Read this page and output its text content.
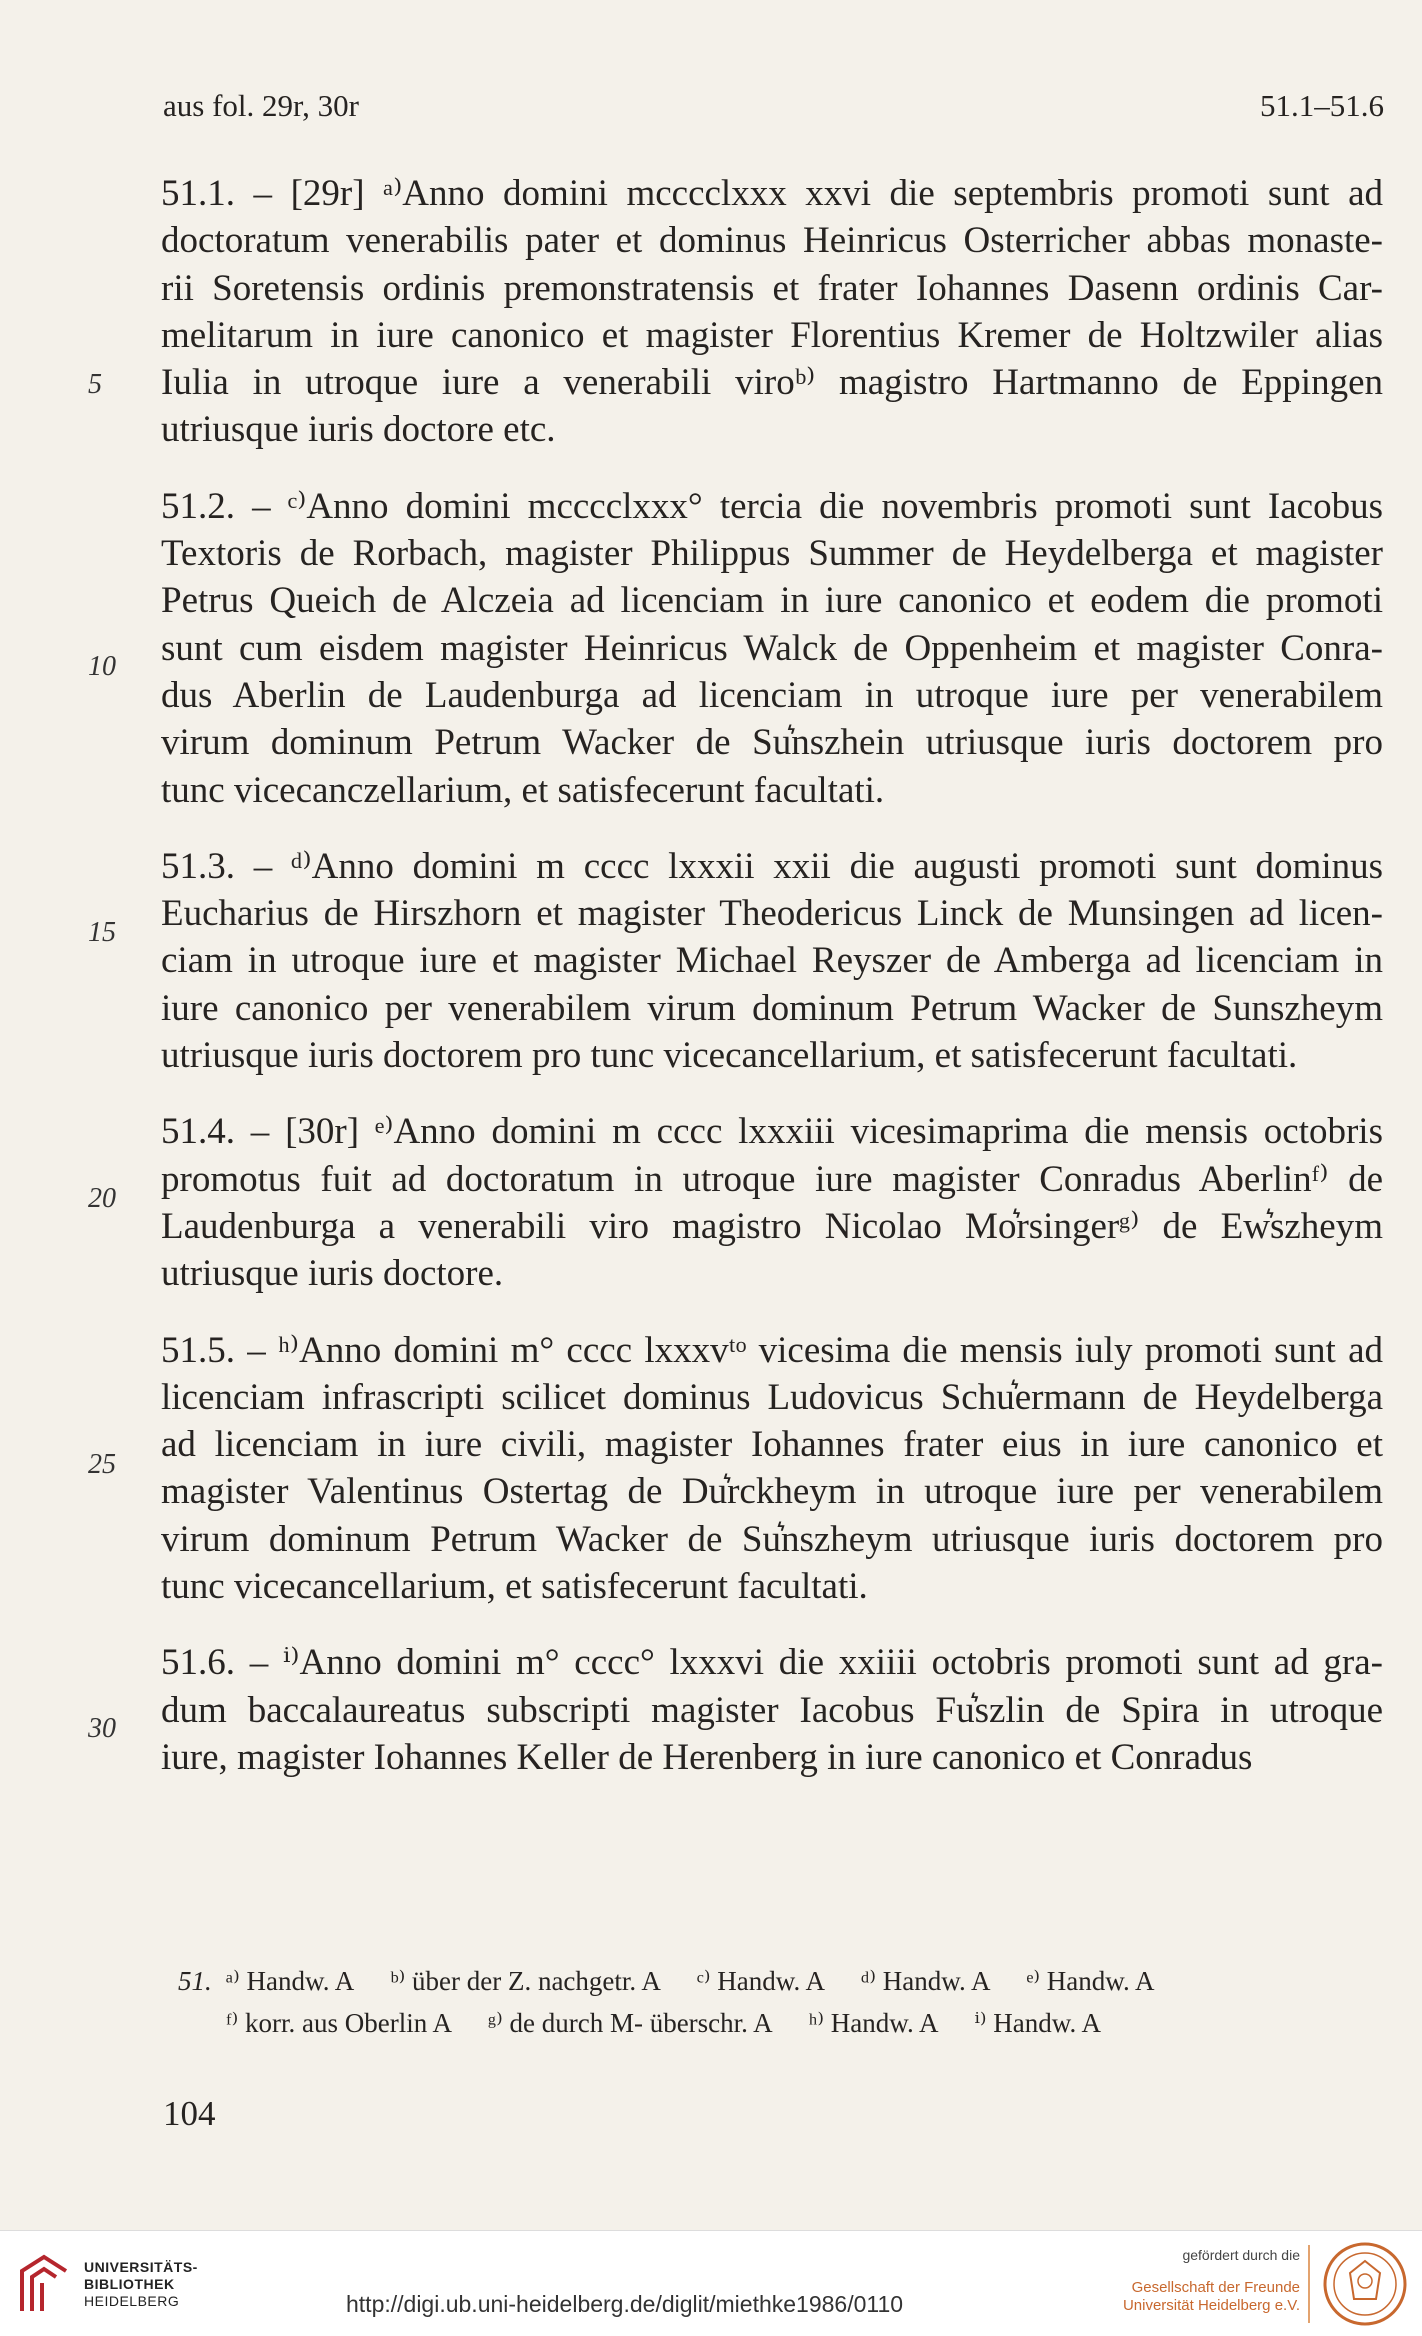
aus fol. 29r, 30r	51.1–51.6
51.1. – [29r] ᵃ⁾Anno domini mcccclxxx xxvi die septembris promoti sunt ad
doctoratum venerabilis pater et dominus Heinricus Osterricher abbas monaste-
rii Soretensis ordinis premonstratensis et frater Iohannes Dasenn ordinis Car-
melitarum in iure canonico et magister Florentius Kremer de Holtzwiler alias
Iulia in utroque iure a venerabili viroᵇ⁾ magistro Hartmanno de Eppingen
utriusque iuris doctore etc.
51.2. – ᶜ⁾Anno domini mcccclxxx° tercia die novembris promoti sunt Iacobus
Textoris de Rorbach, magister Philippus Summer de Heydelberga et magister
Petrus Queich de Alczeia ad licenciam in iure canonico et eodem die promoti
sunt cum eisdem magister Heinricus Walck de Oppenheim et magister Conra-
dus Aberlin de Laudenburga ad licenciam in utroque iure per venerabilem
virum dominum Petrum Wacker de Su͛nszhein utriusque iuris doctorem pro
tunc vicecanczellarium, et satisfecerunt facultati.
51.3. – ᵈ⁾Anno domini m cccc lxxxii xxii die augusti promoti sunt dominus
Eucharius de Hirszhorn et magister Theodericus Linck de Munsingen ad licen-
ciam in utroque iure et magister Michael Reyszer de Amberga ad licenciam in
iure canonico per venerabilem virum dominum Petrum Wacker de Sunszheym
utriusque iuris doctorem pro tunc vicecancellarium, et satisfecerunt facultati.
51.4. – [30r] ᵉ⁾Anno domini m cccc lxxxiii vicesimaprima die mensis octobris
promotus fuit ad doctoratum in utroque iure magister Conradus Aberlinᶠ⁾ de
Laudenburga a venerabili viro magistro Nicolao Mo͛rsingerᵍ⁾ de Ew͛szheym
utriusque iuris doctore.
51.5. – ʰ⁾Anno domini m° cccc lxxxvᵗᵒ vicesima die mensis iuly promoti sunt ad
licenciam infrascripti scilicet dominus Ludovicus Schu͛ermann de Heydelberga
ad licenciam in iure civili, magister Iohannes frater eius in iure canonico et
magister Valentinus Ostertag de Du͛rckheym in utroque iure per venerabilem
virum dominum Petrum Wacker de Su͛nszheym utriusque iuris doctorem pro
tunc vicecancellarium, et satisfecerunt facultati.
51.6. – ⁱ⁾Anno domini m° cccc° lxxxvi die xxiiii octobris promoti sunt ad gra-
dum baccalaureatus subscripti magister Iacobus Fu͛szlin de Spira in utroque
iure, magister Iohannes Keller de Herenberg in iure canonico et Conradus
5
10
15
20
25
30
51. ᵃ⁾ Handw. A ᵇ⁾ über der Z. nachgetr. A ᶜ⁾ Handw. A ᵈ⁾ Handw. A ᵉ⁾ Handw. A
ᶠ⁾ korr. aus Oberlin A ᵍ⁾ de durch M- überschr. A ʰ⁾ Handw. A ⁱ⁾ Handw. A
104
UNIVERSITÄTS-
BIBLIOTHEK
HEIDELBERG	http://digi.ub.uni-heidelberg.de/diglit/miethke1986/0110
gefördert durch die
Gesellschaft der Freunde
Universität Heidelberg e.V.
